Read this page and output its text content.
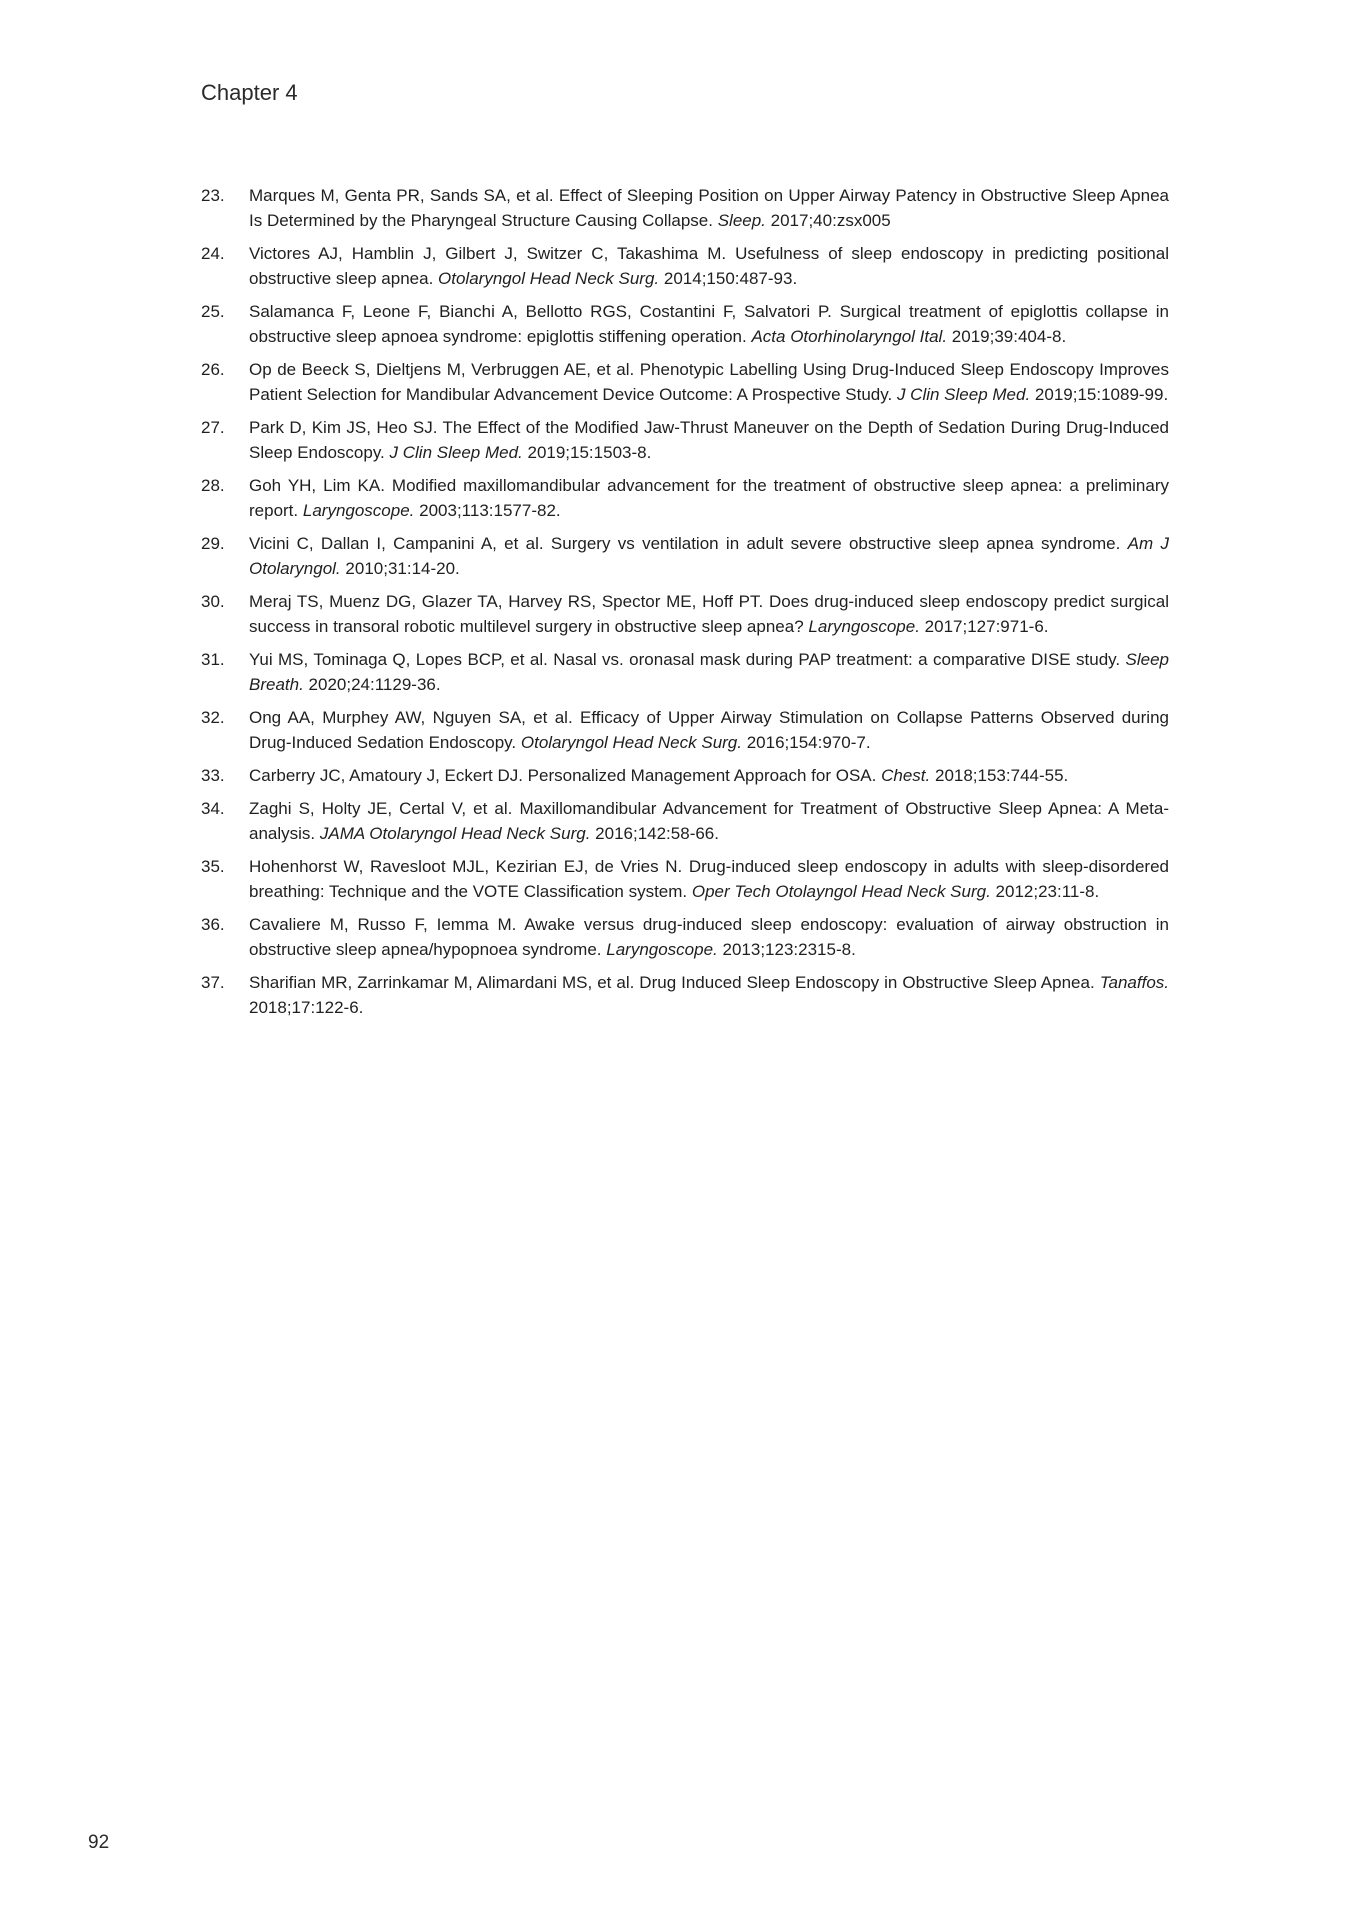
Chapter 4
23. Marques M, Genta PR, Sands SA, et al. Effect of Sleeping Position on Upper Airway Patency in Obstructive Sleep Apnea Is Determined by the Pharyngeal Structure Causing Collapse. Sleep. 2017;40:zsx005
24. Victores AJ, Hamblin J, Gilbert J, Switzer C, Takashima M. Usefulness of sleep endoscopy in predicting positional obstructive sleep apnea. Otolaryngol Head Neck Surg. 2014;150:487-93.
25. Salamanca F, Leone F, Bianchi A, Bellotto RGS, Costantini F, Salvatori P. Surgical treatment of epiglottis collapse in obstructive sleep apnoea syndrome: epiglottis stiffening operation. Acta Otorhinolaryngol Ital. 2019;39:404-8.
26. Op de Beeck S, Dieltjens M, Verbruggen AE, et al. Phenotypic Labelling Using Drug-Induced Sleep Endoscopy Improves Patient Selection for Mandibular Advancement Device Outcome: A Prospective Study. J Clin Sleep Med. 2019;15:1089-99.
27. Park D, Kim JS, Heo SJ. The Effect of the Modified Jaw-Thrust Maneuver on the Depth of Sedation During Drug-Induced Sleep Endoscopy. J Clin Sleep Med. 2019;15:1503-8.
28. Goh YH, Lim KA. Modified maxillomandibular advancement for the treatment of obstructive sleep apnea: a preliminary report. Laryngoscope. 2003;113:1577-82.
29. Vicini C, Dallan I, Campanini A, et al. Surgery vs ventilation in adult severe obstructive sleep apnea syndrome. Am J Otolaryngol. 2010;31:14-20.
30. Meraj TS, Muenz DG, Glazer TA, Harvey RS, Spector ME, Hoff PT. Does drug-induced sleep endoscopy predict surgical success in transoral robotic multilevel surgery in obstructive sleep apnea? Laryngoscope. 2017;127:971-6.
31. Yui MS, Tominaga Q, Lopes BCP, et al. Nasal vs. oronasal mask during PAP treatment: a comparative DISE study. Sleep Breath. 2020;24:1129-36.
32. Ong AA, Murphey AW, Nguyen SA, et al. Efficacy of Upper Airway Stimulation on Collapse Patterns Observed during Drug-Induced Sedation Endoscopy. Otolaryngol Head Neck Surg. 2016;154:970-7.
33. Carberry JC, Amatoury J, Eckert DJ. Personalized Management Approach for OSA. Chest. 2018;153:744-55.
34. Zaghi S, Holty JE, Certal V, et al. Maxillomandibular Advancement for Treatment of Obstructive Sleep Apnea: A Meta-analysis. JAMA Otolaryngol Head Neck Surg. 2016;142:58-66.
35. Hohenhorst W, Ravesloot MJL, Kezirian EJ, de Vries N. Drug-induced sleep endoscopy in adults with sleep-disordered breathing: Technique and the VOTE Classification system. Oper Tech Otolayngol Head Neck Surg. 2012;23:11-8.
36. Cavaliere M, Russo F, Iemma M. Awake versus drug-induced sleep endoscopy: evaluation of airway obstruction in obstructive sleep apnea/hypopnoea syndrome. Laryngoscope. 2013;123:2315-8.
37. Sharifian MR, Zarrinkamar M, Alimardani MS, et al. Drug Induced Sleep Endoscopy in Obstructive Sleep Apnea. Tanaffos. 2018;17:122-6.
92
